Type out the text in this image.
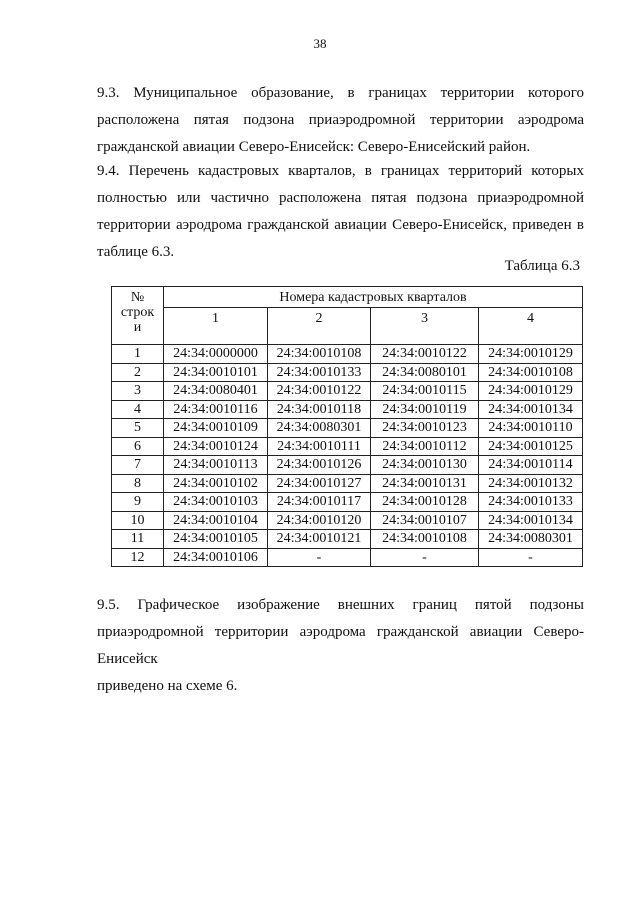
38
9.3. Муниципальное образование, в границах территории которого
расположена пятая подзона приаэродромной территории аэродрома
гражданской авиации Северо-Енисейск: Северо-Енисейский район.
9.4. Перечень кадастровых кварталов, в границах территорий которых
полностью или частично расположена пятая подзона приаэродромной
территории аэродрома гражданской авиации Северо-Енисейск, приведен в
таблице 6.3.
Таблица 6.3
№
строк
и	Номера кадастровых кварталов			
	1	2	3	4
1	24:34:0000000	24:34:0010108	24:34:0010122	24:34:0010129
2	24:34:0010101	24:34:0010133	24:34:0080101	24:34:0010108
3	24:34:0080401	24:34:0010122	24:34:0010115	24:34:0010129
4	24:34:0010116	24:34:0010118	24:34:0010119	24:34:0010134
5	24:34:0010109	24:34:0080301	24:34:0010123	24:34:0010110
6	24:34:0010124	24:34:0010111	24:34:0010112	24:34:0010125
7	24:34:0010113	24:34:0010126	24:34:0010130	24:34:0010114
8	24:34:0010102	24:34:0010127	24:34:0010131	24:34:0010132
9	24:34:0010103	24:34:0010117	24:34:0010128	24:34:0010133
10	24:34:0010104	24:34:0010120	24:34:0010107	24:34:0010134
11	24:34:0010105	24:34:0010121	24:34:0010108	24:34:0080301
12	24:34:0010106	-	-	-
9.5. Графическое изображение внешних границ пятой подзоны
приаэродромной территории аэродрома гражданской авиации Северо-Енисейск
приведено на схеме 6.
